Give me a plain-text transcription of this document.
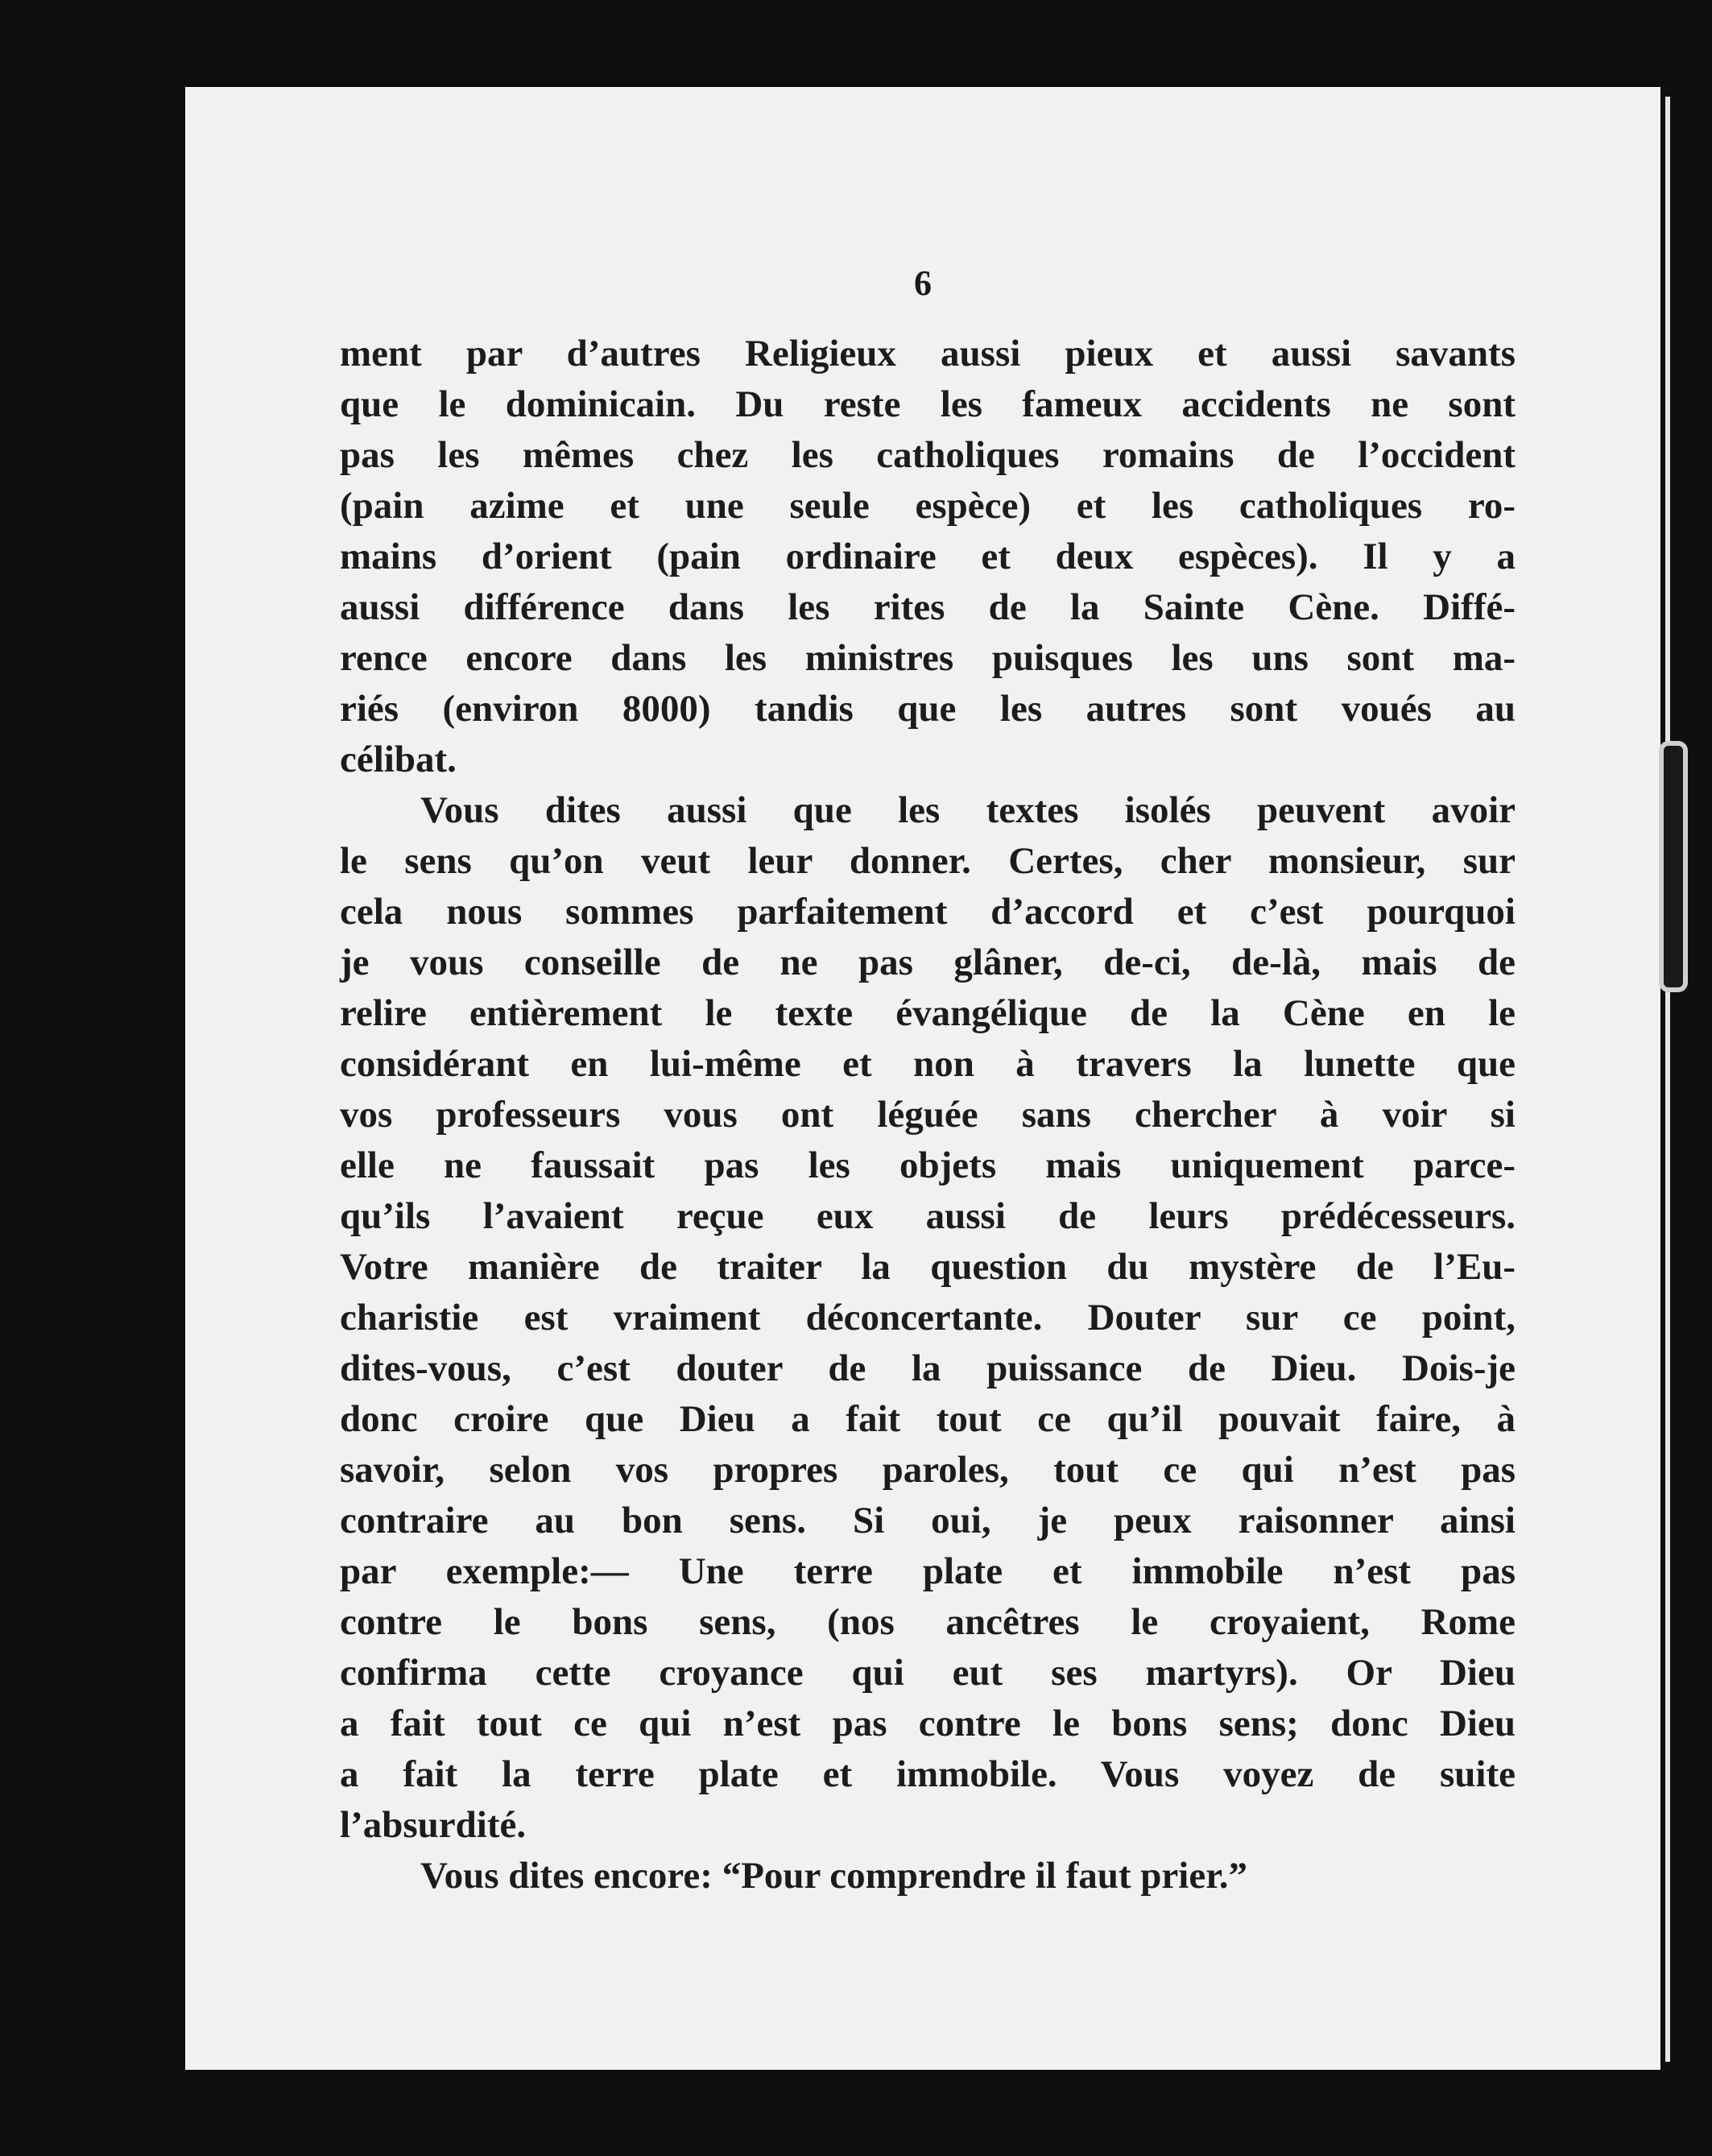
6
ment par d’autres Religieux aussi pieux et aussi savants
que le dominicain. Du reste les fameux accidents ne sont
pas les mêmes chez les catholiques romains de l’occident
(pain azime et une seule espèce) et les catholiques ro-
mains d’orient (pain ordinaire et deux espèces). Il y a
aussi différence dans les rites de la Sainte Cène. Diffé-
rence encore dans les ministres puisques les uns sont ma-
riés (environ 8000) tandis que les autres sont voués au
célibat.
Vous dites aussi que les textes isolés peuvent avoir
le sens qu’on veut leur donner. Certes, cher monsieur, sur
cela nous sommes parfaitement d’accord et c’est pourquoi
je vous conseille de ne pas glâner, de-ci, de-là, mais de
relire entièrement le texte évangélique de la Cène en le
considérant en lui-même et non à travers la lunette que
vos professeurs vous ont léguée sans chercher à voir si
elle ne faussait pas les objets mais uniquement parce-
qu’ils l’avaient reçue eux aussi de leurs prédécesseurs.
Votre manière de traiter la question du mystère de l’Eu-
charistie est vraiment déconcertante. Douter sur ce point,
dites-vous, c’est douter de la puissance de Dieu. Dois-je
donc croire que Dieu a fait tout ce qu’il pouvait faire, à
savoir, selon vos propres paroles, tout ce qui n’est pas
contraire au bon sens. Si oui, je peux raisonner ainsi
par exemple:— Une terre plate et immobile n’est pas
contre le bons sens, (nos ancêtres le croyaient, Rome
confirma cette croyance qui eut ses martyrs). Or Dieu
a fait tout ce qui n’est pas contre le bons sens; donc Dieu
a fait la terre plate et immobile. Vous voyez de suite
l’absurdité.
Vous dites encore: “Pour comprendre il faut prier.”
